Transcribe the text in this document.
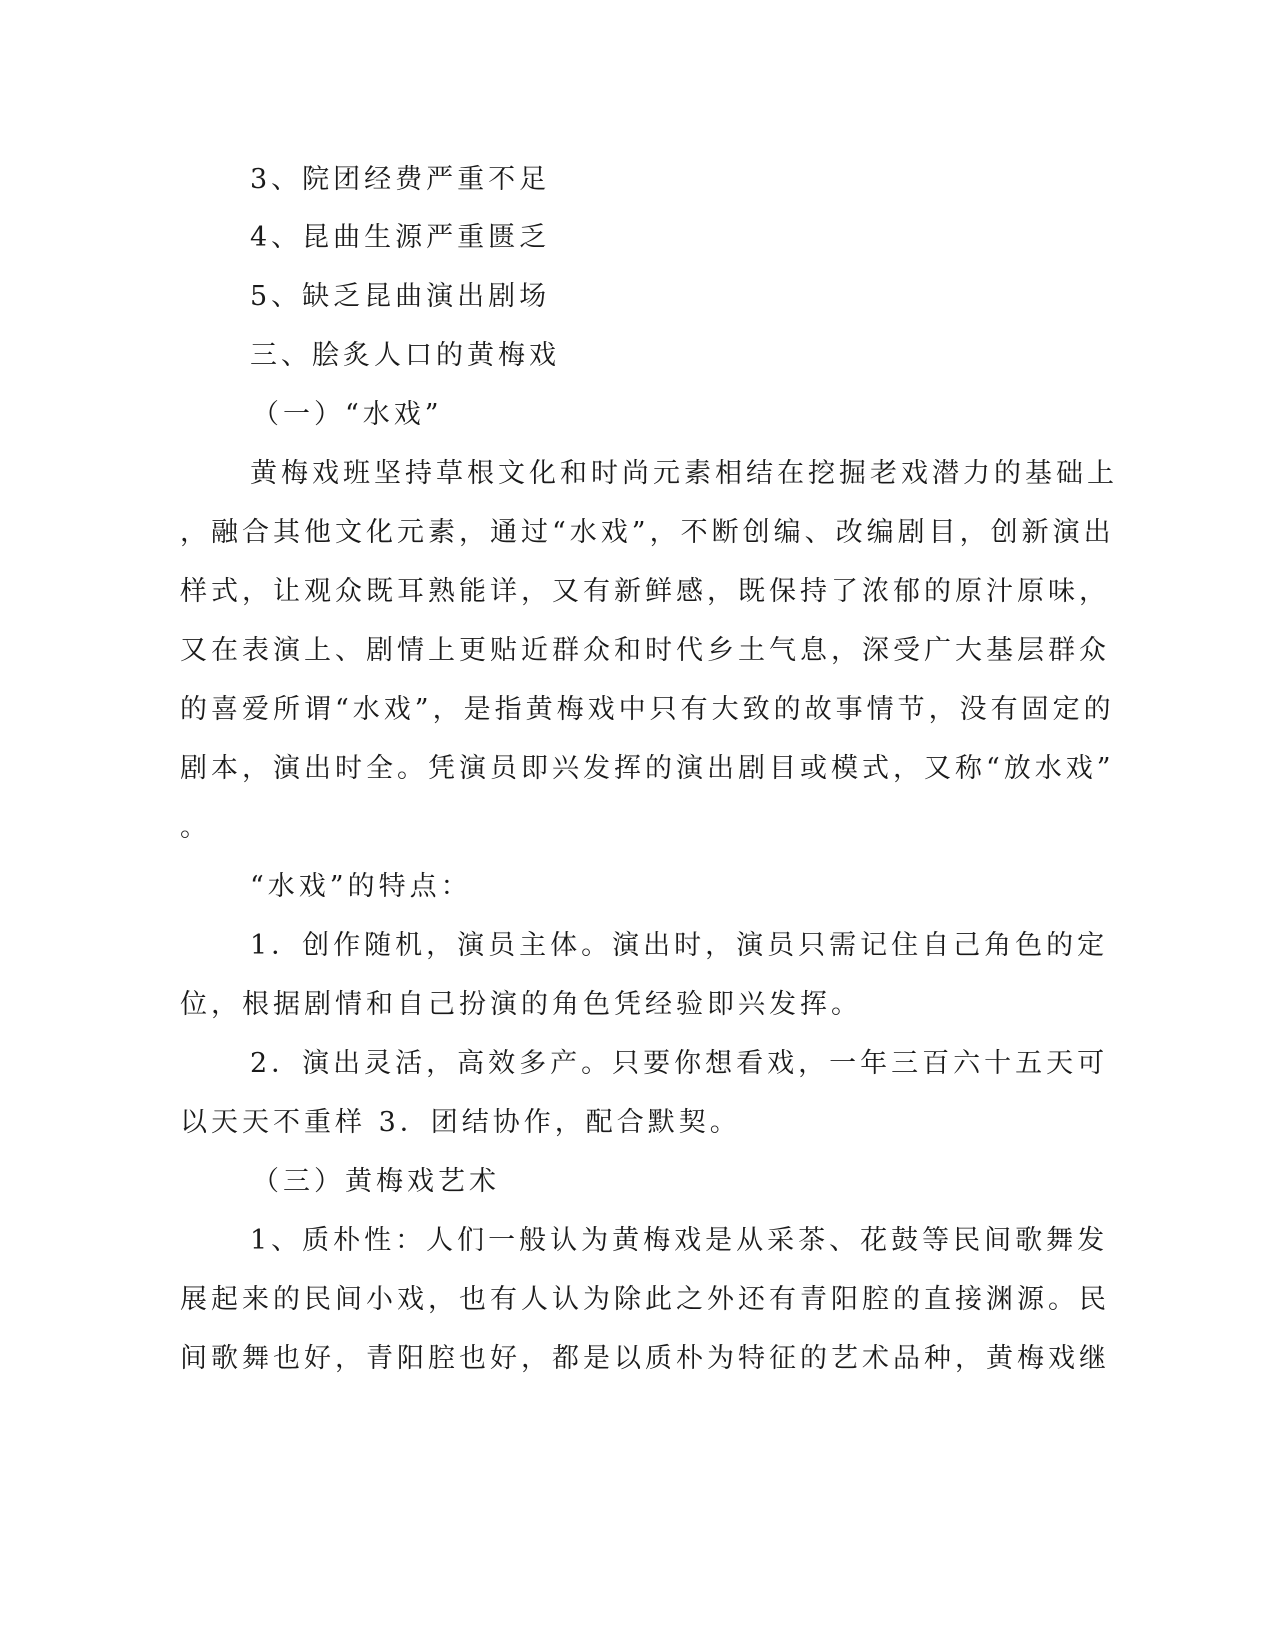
3、院团经费严重不足
4、昆曲生源严重匮乏
5、缺乏昆曲演出剧场
三、脍炙人口的黄梅戏
（一）“水戏”
黄梅戏班坚持草根文化和时尚元素相结在挖掘老戏潜力的基础上
，融合其他文化元素，通过“水戏”，不断创编、改编剧目，创新演出
样式，让观众既耳熟能详，又有新鲜感，既保持了浓郁的原汁原味，
又在表演上、剧情上更贴近群众和时代乡土气息，深受广大基层群众
的喜爱所谓“水戏”，是指黄梅戏中只有大致的故事情节，没有固定的
剧本，演出时全。凭演员即兴发挥的演出剧目或模式，又称“放水戏”
。
“水戏”的特点：
1．创作随机，演员主体。演出时，演员只需记住自己角色的定
位，根据剧情和自己扮演的角色凭经验即兴发挥。
2．演出灵活，高效多产。只要你想看戏，一年三百六十五天可
以天天不重样 3．团结协作，配合默契。
（三）黄梅戏艺术
1、质朴性：人们一般认为黄梅戏是从采茶、花鼓等民间歌舞发
展起来的民间小戏，也有人认为除此之外还有青阳腔的直接渊源。民
间歌舞也好，青阳腔也好，都是以质朴为特征的艺术品种，黄梅戏继
